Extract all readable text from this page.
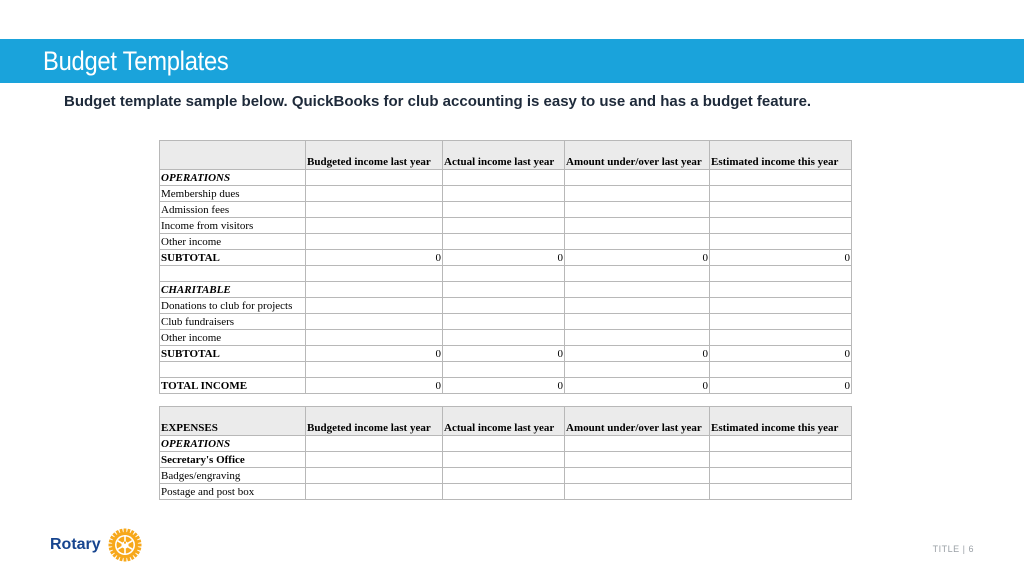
Budget Templates
Budget template sample below. QuickBooks for club accounting is easy to use and has a budget feature.
	Budgeted income last year	Actual income last year	Amount under/over last year	Estimated income this year
OPERATIONS				
Membership dues				
Admission fees				
Income from visitors				
Other income				
SUBTOTAL	0	0	0	0

CHARITABLE				
Donations to club for projects				
Club fundraisers				
Other income				
SUBTOTAL	0	0	0	0

TOTAL INCOME	0	0	0	0
EXPENSES	Budgeted income last year	Actual income last year	Amount under/over last year	Estimated income this year
OPERATIONS				
Secretary's Office				
Badges/engraving				
Postage and post box				
Rotary	TITLE | 6
